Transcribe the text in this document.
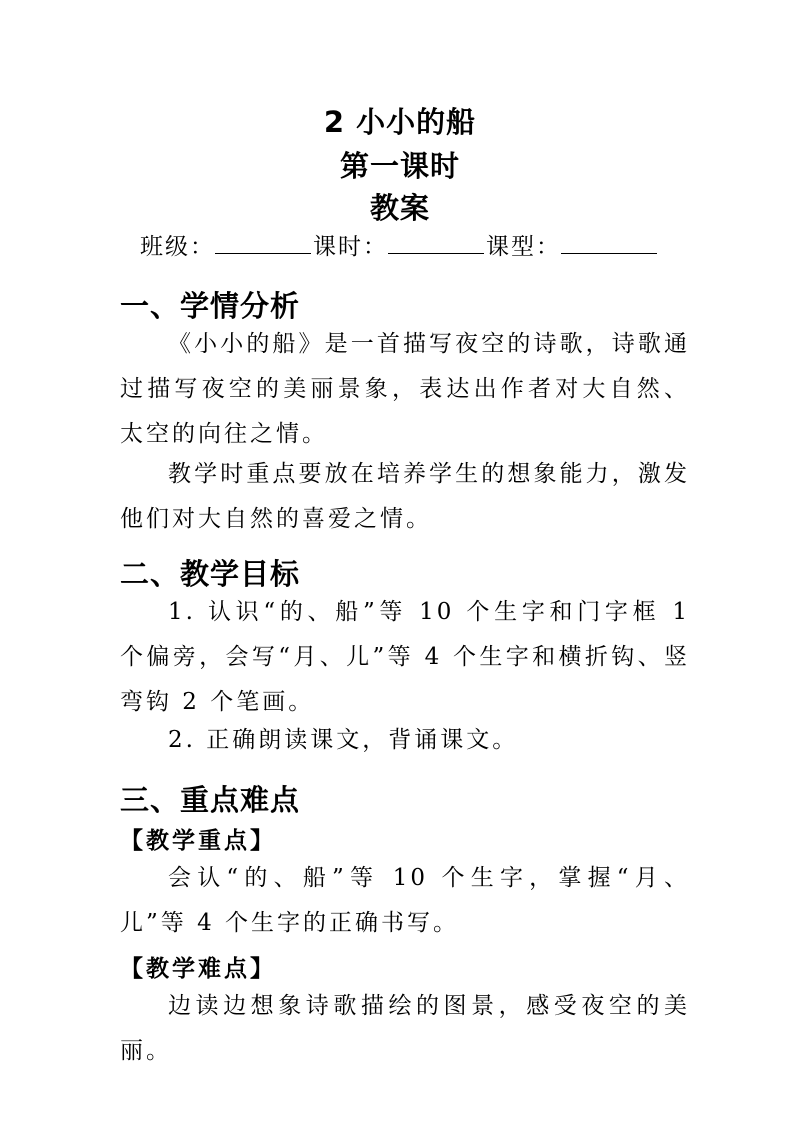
2 小小的船
第一课时
教案
班级：	课时：	课型：
一、学情分析
《小小的船》是一首描写夜空的诗歌，诗歌通过描写夜空的美丽景象，表达出作者对大自然、太空的向往之情。
教学时重点要放在培养学生的想象能力，激发他们对大自然的喜爱之情。
二、教学目标
1. 认识“的、船”等 10 个生字和门字框 1 个偏旁，会写“月、儿”等 4 个生字和横折钩、竖弯钩 2 个笔画。
2. 正确朗读课文，背诵课文。
三、重点难点
【教学重点】
会认“的、船”等 10 个生字，掌握“月、儿”等 4 个生字的正确书写。
【教学难点】
边读边想象诗歌描绘的图景，感受夜空的美丽。
